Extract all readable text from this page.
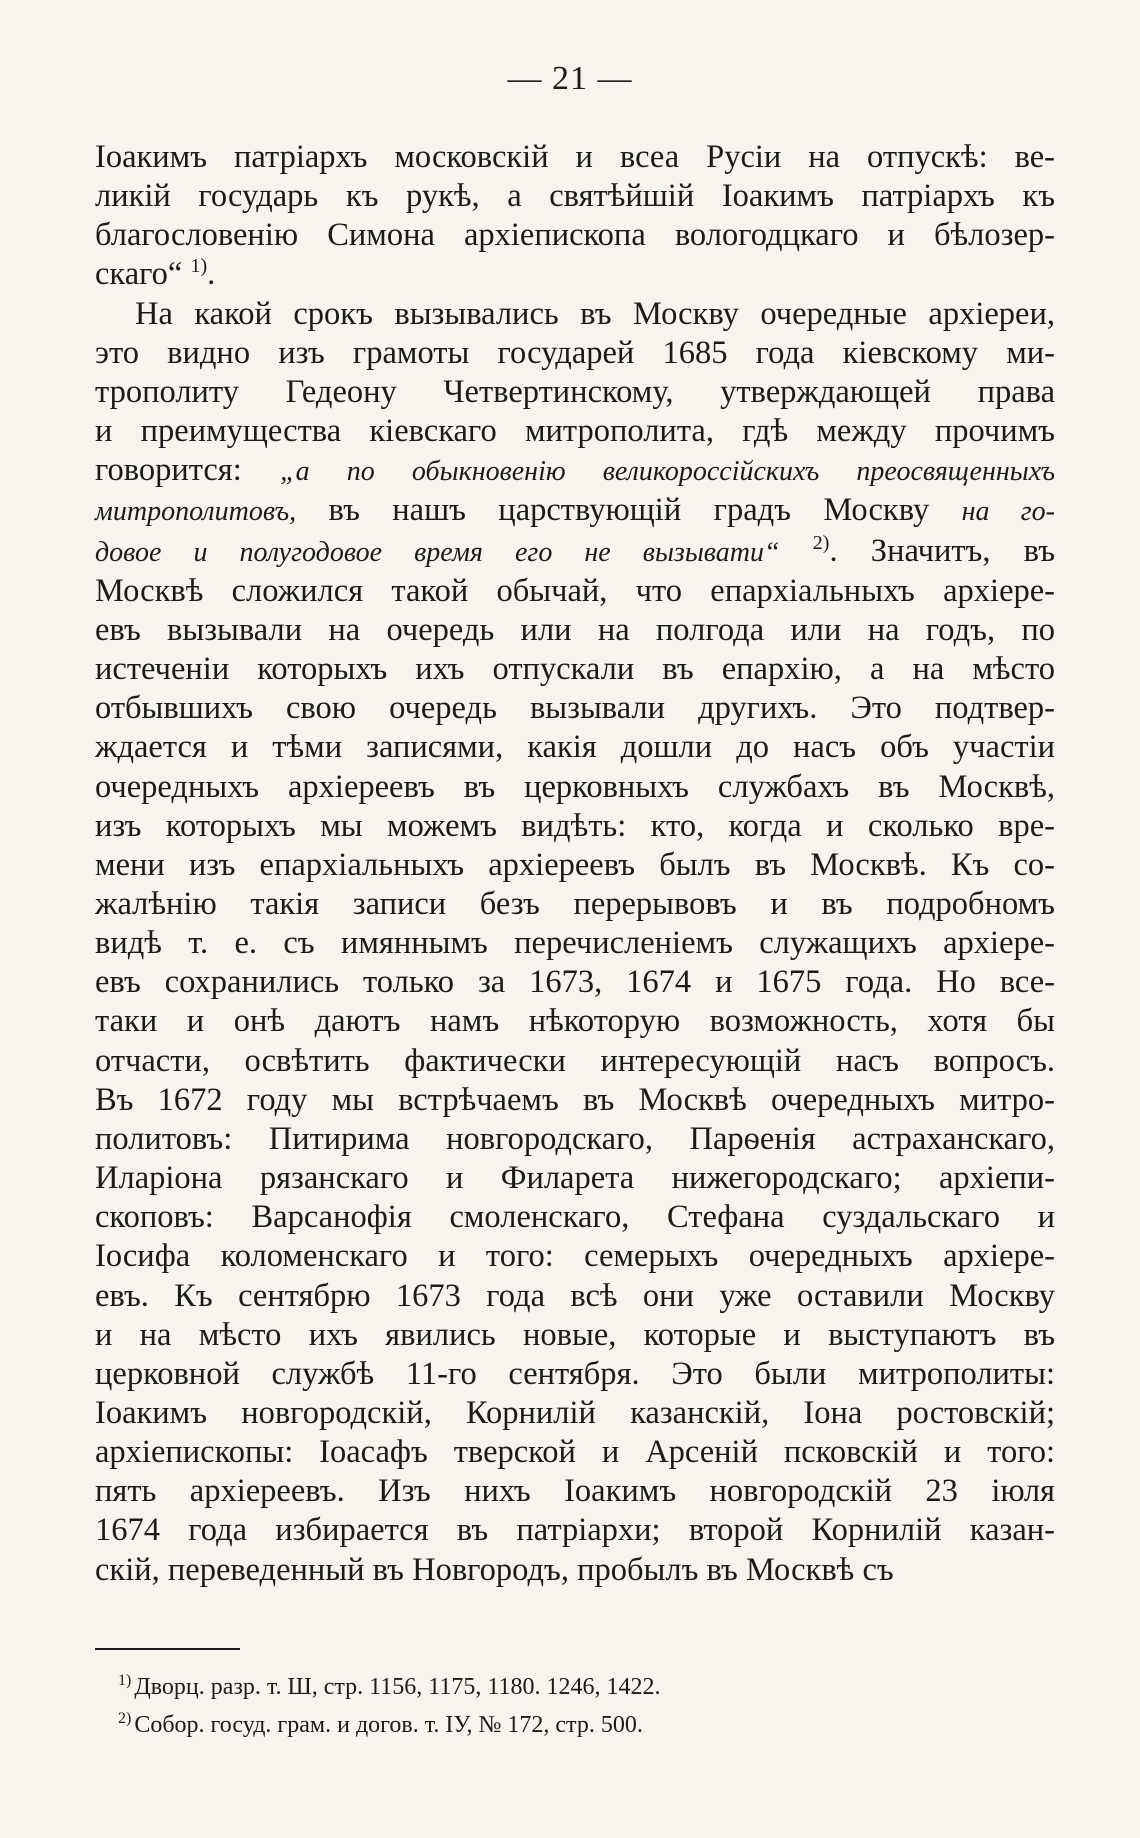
— 21 —
Іоакимъ патріархъ московскій и всеа Русіи на отпускѣ: ве-
ликій государь къ рукѣ, а святѣйшій Іоакимъ патріархъ къ
благословенію Симона архіепископа вологодцкаго и бѣлозер-
скаго“ $^{1)}$.
На какой срокъ вызывались въ Москву очередные архіереи,
это видно изъ грамоты государей 1685 года кіевскому ми-
трополиту Гедеону Четвертинскому, утверждающей права
и преимущества кіевскаго митрополита, гдѣ между прочимъ
говорится: „а по обыкновенію великороссійскихъ преосвященныхъ
митрополитовъ, въ нашъ царствующій градъ Москву на го-
довое и полугодовое время его не вызывати“ $^{2)}$. Значитъ, въ
Москвѣ сложился такой обычай, что епархіальныхъ архіере-
евъ вызывали на очередь или на полгода или на годъ, по
истеченіи которыхъ ихъ отпускали въ епархію, а на мѣсто
отбывшихъ свою очередь вызывали другихъ. Это подтвер-
ждается и тѣми записями, какія дошли до насъ объ участіи
очередныхъ архіереевъ въ церковныхъ службахъ въ Москвѣ,
изъ которыхъ мы можемъ видѣть: кто, когда и сколько вре-
мени изъ епархіальныхъ архіереевъ былъ въ Москвѣ. Къ со-
жалѣнію такія записи безъ перерывовъ и въ подробномъ
видѣ т. е. съ имяннымъ перечисленіемъ служащихъ архіере-
евъ сохранились только за 1673, 1674 и 1675 года. Но все-
таки и онѣ даютъ намъ нѣкоторую возможность, хотя бы
отчасти, освѣтить фактически интересующій насъ вопросъ.
Въ 1672 году мы встрѣчаемъ въ Москвѣ очередныхъ митро-
политовъ: Питирима новгородскаго, Парѳенія астраханскаго,
Иларіона рязанскаго и Филарета нижегородскаго; архіепи-
скоповъ: Варсанофія смоленскаго, Стефана суздальскаго и
Іосифа коломенскаго и того: семерыхъ очередныхъ архіере-
евъ. Къ сентябрю 1673 года всѣ они уже оставили Москву
и на мѣсто ихъ явились новые, которые и выступаютъ въ
церковной службѣ 11-го сентября. Это были митрополиты:
Іоакимъ новгородскій, Корнилій казанскій, Іона ростовскій;
архіепископы: Іоасафъ тверской и Арсеній псковскій и того:
пять архіереевъ. Изъ нихъ Іоакимъ новгородскій 23 іюля
1674 года избирается въ патріархи; второй Корнилій казан-
скій, переведенный въ Новгородъ, пробылъ въ Москвѣ съ
$^{1)}$ Дворц. разр. т. Ш, стр. 1156, 1175, 1180. 1246, 1422.
$^{2)}$ Собор. госуд. грам. и догов. т. IУ, № 172, стр. 500.
